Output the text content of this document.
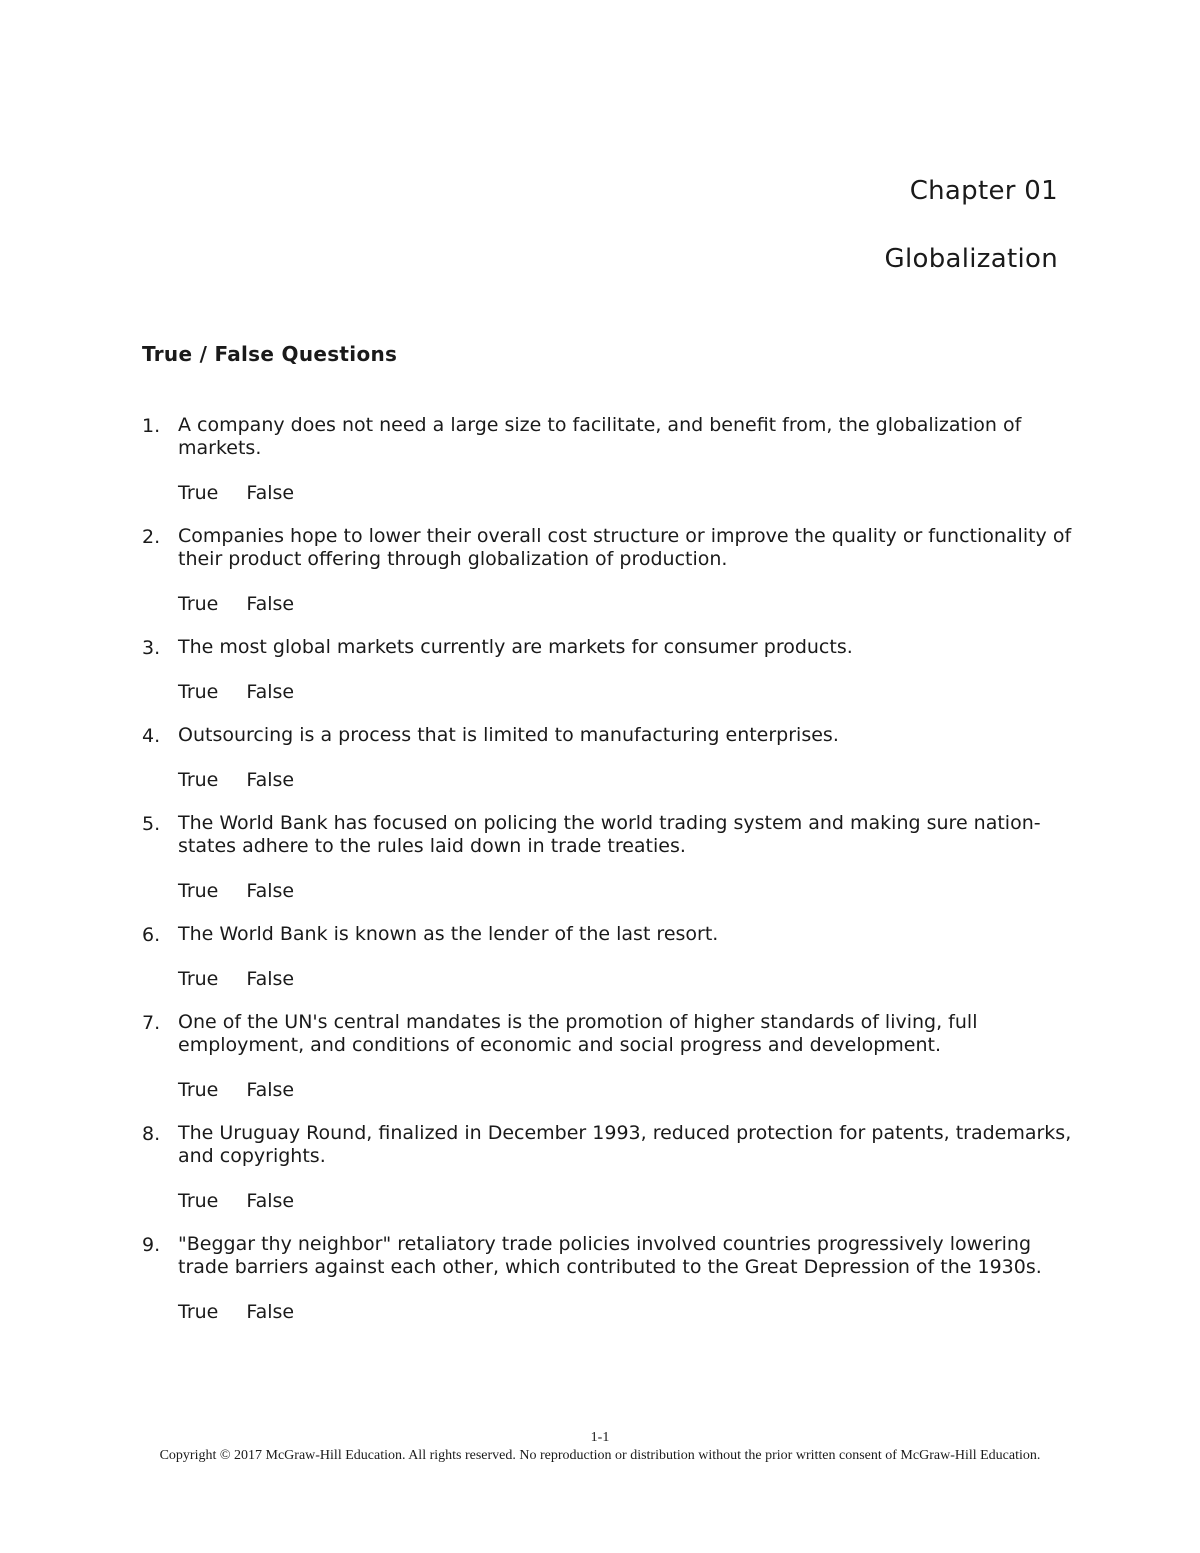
Chapter 01
Globalization
True / False Questions
1. A company does not need a large size to facilitate, and benefit from, the globalization of markets.
True False
2. Companies hope to lower their overall cost structure or improve the quality or functionality of their product offering through globalization of production.
True False
3. The most global markets currently are markets for consumer products.
True False
4. Outsourcing is a process that is limited to manufacturing enterprises.
True False
5. The World Bank has focused on policing the world trading system and making sure nation-states adhere to the rules laid down in trade treaties.
True False
6. The World Bank is known as the lender of the last resort.
True False
7. One of the UN's central mandates is the promotion of higher standards of living, full employment, and conditions of economic and social progress and development.
True False
8. The Uruguay Round, finalized in December 1993, reduced protection for patents, trademarks, and copyrights.
True False
9. "Beggar thy neighbor" retaliatory trade policies involved countries progressively lowering trade barriers against each other, which contributed to the Great Depression of the 1930s.
True False
1-1
Copyright © 2017 McGraw-Hill Education. All rights reserved. No reproduction or distribution without the prior written consent of McGraw-Hill Education.
